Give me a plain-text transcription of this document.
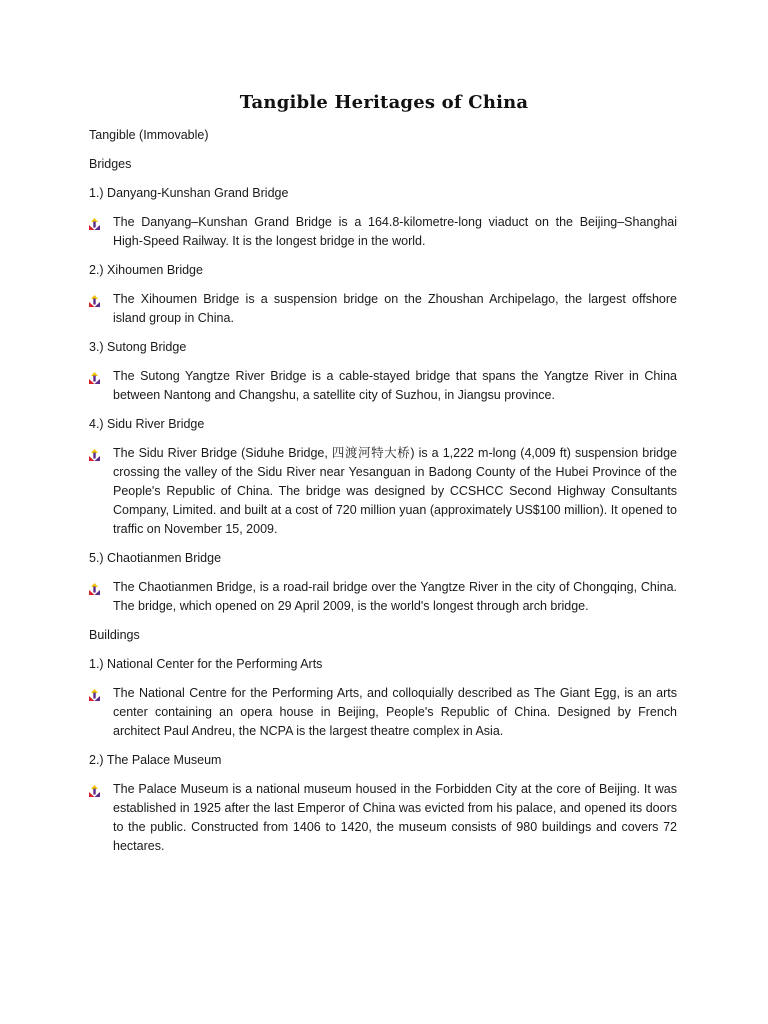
Tangible Heritages of China
Tangible (Immovable)
Bridges
1.) Danyang-Kunshan Grand Bridge
The Danyang–Kunshan Grand Bridge is a 164.8-kilometre-long viaduct on the Beijing–Shanghai High-Speed Railway. It is the longest bridge in the world.
2.) Xihoumen Bridge
The Xihoumen Bridge is a suspension bridge on the Zhoushan Archipelago, the largest offshore island group in China.
3.) Sutong Bridge
The Sutong Yangtze River Bridge is a cable-stayed bridge that spans the Yangtze River in China between Nantong and Changshu, a satellite city of Suzhou, in Jiangsu province.
4.) Sidu River Bridge
The Sidu River Bridge (Siduhe Bridge, 四渡河特大桥) is a 1,222 m-long (4,009 ft) suspension bridge crossing the valley of the Sidu River near Yesanguan in Badong County of the Hubei Province of the People's Republic of China. The bridge was designed by CCSHCC Second Highway Consultants Company, Limited. and built at a cost of 720 million yuan (approximately US$100 million). It opened to traffic on November 15, 2009.
5.) Chaotianmen Bridge
The Chaotianmen Bridge, is a road-rail bridge over the Yangtze River in the city of Chongqing, China. The bridge, which opened on 29 April 2009, is the world's longest through arch bridge.
Buildings
1.) National Center for the Performing Arts
The National Centre for the Performing Arts, and colloquially described as The Giant Egg, is an arts center containing an opera house in Beijing, People's Republic of China. Designed by French architect Paul Andreu, the NCPA is the largest theatre complex in Asia.
2.) The Palace Museum
The Palace Museum is a national museum housed in the Forbidden City at the core of Beijing. It was established in 1925 after the last Emperor of China was evicted from his palace, and opened its doors to the public. Constructed from 1406 to 1420, the museum consists of 980 buildings and covers 72 hectares.
